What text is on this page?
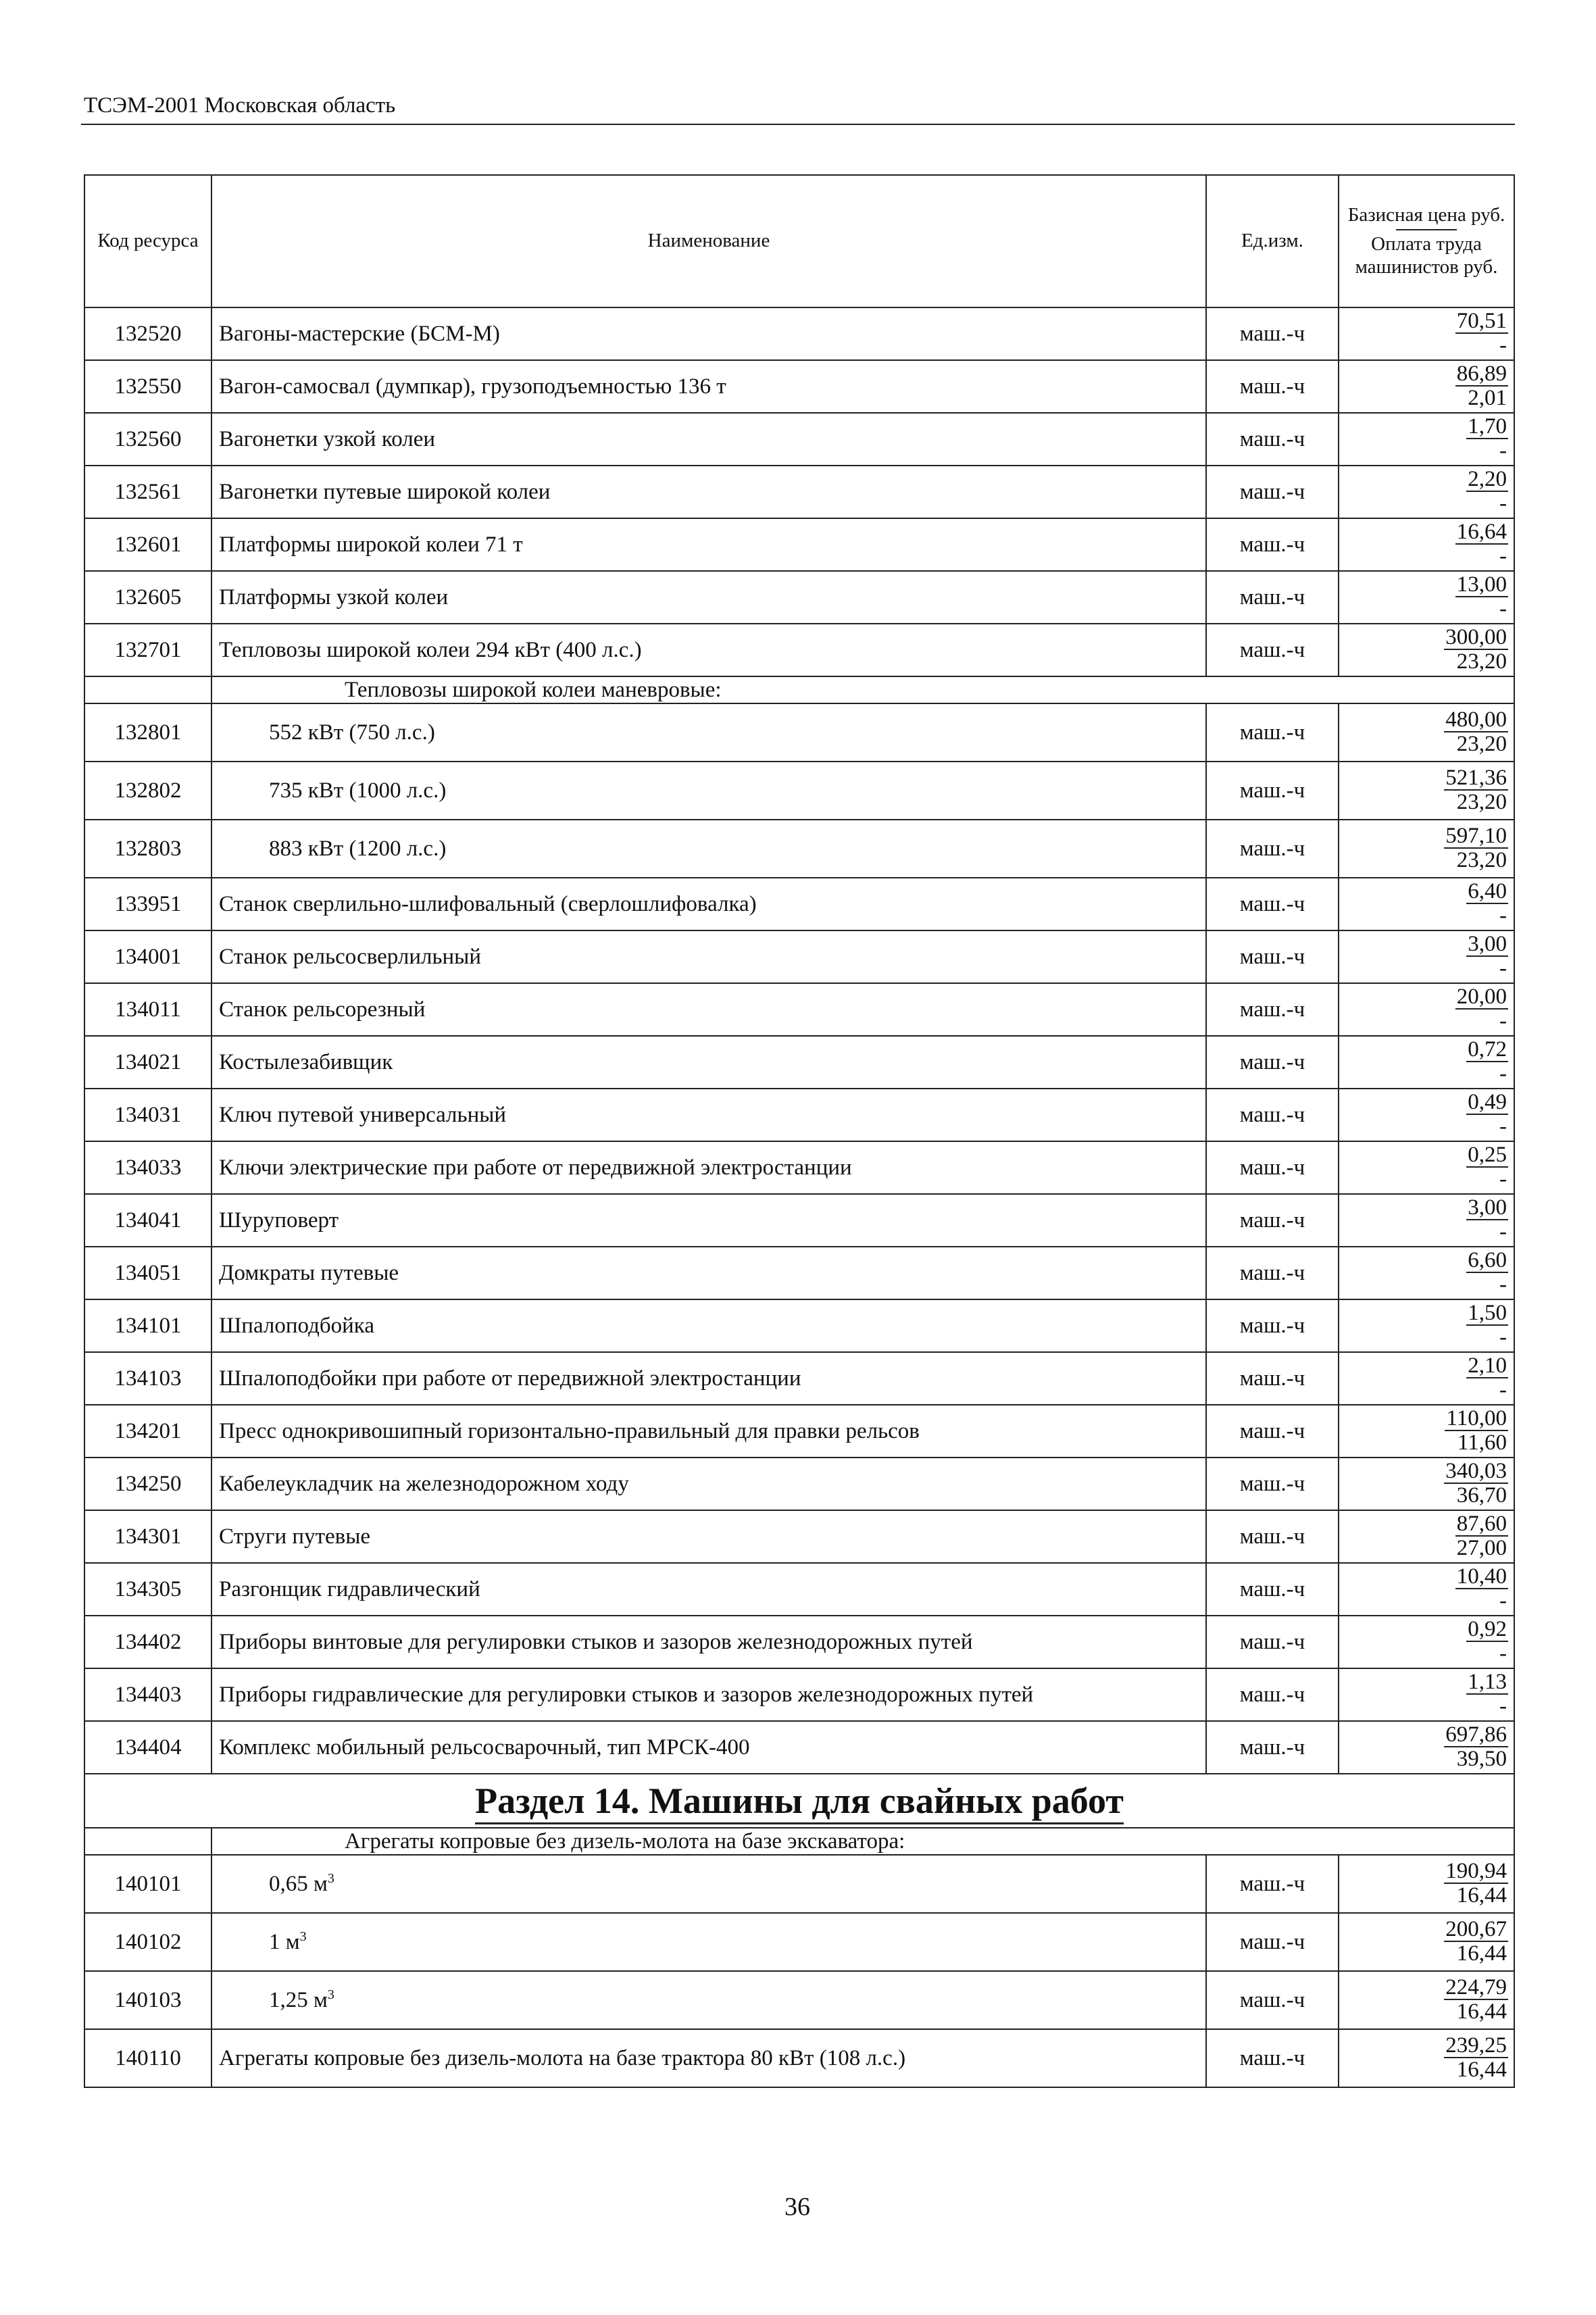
ТСЭМ-2001 Московская область
Код ресурса	Наименование	Ед.изм.	Базисная цена руб.
Оплата труда машинистов руб.
132520	Вагоны-мастерские (БСМ-М)	маш.-ч	$\frac{70,51}{-}$

132550	Вагон-самосвал (думпкар), грузоподъемностью 136 т	маш.-ч	$\frac{86,89}{2,01}$

132560	Вагонетки узкой колеи	маш.-ч	$\frac{1,70}{-}$

132561	Вагонетки путевые широкой колеи	маш.-ч	$\frac{2,20}{-}$

132601	Платформы широкой колеи 71 т	маш.-ч	$\frac{16,64}{-}$

132605	Платформы узкой колеи	маш.-ч	$\frac{13,00}{-}$

132701	Тепловозы широкой колеи 294 кВт (400 л.с.)	маш.-ч	$\frac{300,00}{23,20}$

	Тепловозы широкой колеи маневровые:		
132801	552 кВт (750 л.с.)	маш.-ч	$\frac{480,00}{23,20}$

132802	735 кВт (1000 л.с.)	маш.-ч	$\frac{521,36}{23,20}$

132803	883 кВт (1200 л.с.)	маш.-ч	$\frac{597,10}{23,20}$

133951	Станок сверлильно-шлифовальный (сверлошлифовалка)	маш.-ч	$\frac{6,40}{-}$

134001	Станок рельсосверлильный	маш.-ч	$\frac{3,00}{-}$

134011	Станок рельсорезный	маш.-ч	$\frac{20,00}{-}$

134021	Костылезабивщик	маш.-ч	$\frac{0,72}{-}$

134031	Ключ путевой универсальный	маш.-ч	$\frac{0,49}{-}$

134033	Ключи электрические при работе от передвижной электростанции	маш.-ч	$\frac{0,25}{-}$

134041	Шуруповерт	маш.-ч	$\frac{3,00}{-}$

134051	Домкраты путевые	маш.-ч	$\frac{6,60}{-}$

134101	Шпалоподбойка	маш.-ч	$\frac{1,50}{-}$

134103	Шпалоподбойки при работе от передвижной электростанции	маш.-ч	$\frac{2,10}{-}$

134201	Пресс однокривошипный горизонтально-правильный для правки рельсов	маш.-ч	$\frac{110,00}{11,60}$

134250	Кабелеукладчик на железнодорожном ходу	маш.-ч	$\frac{340,03}{36,70}$

134301	Струги путевые	маш.-ч	$\frac{87,60}{27,00}$

134305	Разгонщик гидравлический	маш.-ч	$\frac{10,40}{-}$

134402	Приборы винтовые для регулировки стыков и зазоров железнодорожных путей	маш.-ч	$\frac{0,92}{-}$

134403	Приборы гидравлические для регулировки стыков и зазоров железнодорожных путей	маш.-ч	$\frac{1,13}{-}$

134404	Комплекс мобильный рельсосварочный, тип МРСК-400	маш.-ч	$\frac{697,86}{39,50}$

Раздел 14. Машины для свайных работ			
	Агрегаты копровые без дизель-молота на базе экскаватора:		
140101	0,65 $м^3$	маш.-ч	$\frac{190,94}{16,44}$

140102	1 $м^3$	маш.-ч	$\frac{200,67}{16,44}$

140103	1,25 $м^3$	маш.-ч	$\frac{224,79}{16,44}$

140110	Агрегаты копровые без дизель-молота на базе трактора 80 кВт (108 л.с.)	маш.-ч	$\frac{239,25}{16,44}$
36
